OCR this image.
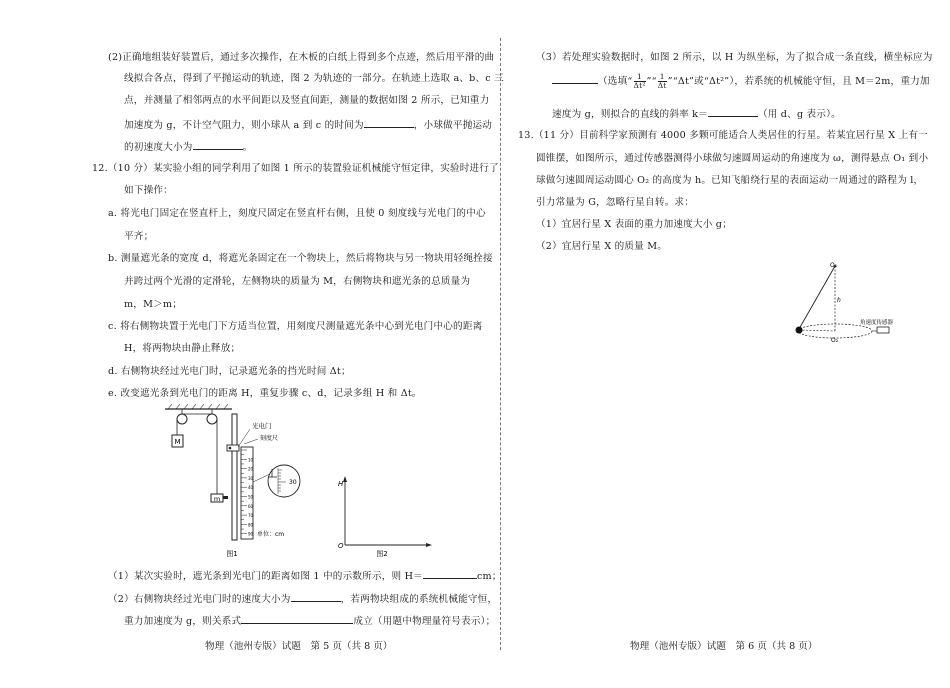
(2)正确地组装好装置后，通过多次操作，在木板的白纸上得到多个点迹，然后用平滑的曲
线拟合各点，得到了平抛运动的轨迹，图 2 为轨迹的一部分。在轨迹上选取 a、b、c 三
点，并测量了相邻两点的水平间距以及竖直间距，测量的数据如图 2 所示，已知重力
加速度为 g，不计空气阻力，则小球从 a 到 c 的时间为	，小球做平抛运动
的初速度大小为	。
12.（10 分）某实验小组的同学利用了如图 1 所示的装置验证机械能守恒定律，实验时进行了
如下操作：
a. 将光电门固定在竖直杆上，刻度尺固定在竖直杆右侧，且使 0 刻度线与光电门的中心
平齐；
b. 测量遮光条的宽度 d，将遮光条固定在一个物块上，然后将物块与另一物块用轻绳拴接
并跨过两个光滑的定滑轮，左侧物块的质量为 M，右侧物块和遮光条的总质量为
m，M＞m；
c. 将右侧物块置于光电门下方适当位置，用刻度尺测量遮光条中心到光电门中心的距离
H，将两物块由静止释放；
d. 右侧物块经过光电门时，记录遮光条的挡光时间 Δt；
e. 改变遮光条到光电门的距离 H，重复步骤 c、d，记录多组 H 和 Δt。
M
m
光电门
刻度尺
10
20
30
40
50
60
70
80
90 单位：cm
30
图1
H
O
图2
（1）某次实验时，遮光条到光电门的距离如图 1 中的示数所示，则 H＝	cm；
（2）右侧物块经过光电门时的速度大小为	，若两物块组成的系统机械能守恒，
重力加速度为 g，则关系式	成立（用题中物理量符号表示）；
物理（池州专版）试题　第 5 页（共 8 页）
（3）若处理实验数据时，如图 2 所示，以 H 为纵坐标，为了拟合成一条直线，横坐标应为
（选填“ $\frac{1}{\text{Δt²}}$ ”“ $\frac{1}{\Delta t}$ ”“Δt”或“Δt²”），若系统的机械能守恒，且 M＝2m，重力加
速度为 g，则拟合的直线的斜率 k＝	（用 d、g 表示）。
13.（11 分）目前科学家预测有 4000 多颗可能适合人类居住的行星。若某宜居行星 X 上有一
圆锥摆，如图所示，通过传感器测得小球做匀速圆周运动的角速度为 ω，测得悬点 O₁ 到小
球做匀速圆周运动圆心 O₂ 的高度为 h。已知飞船绕行星的表面运动一周通过的路程为 l，
引力常量为 G，忽略行星自转。求：
（1）宜居行星 X 表面的重力加速度大小 g；
（2）宜居行星 X 的质量 M。
O₁
h
O₂
角速度传感器
物理（池州专版）试题　第 6 页（共 8 页）
